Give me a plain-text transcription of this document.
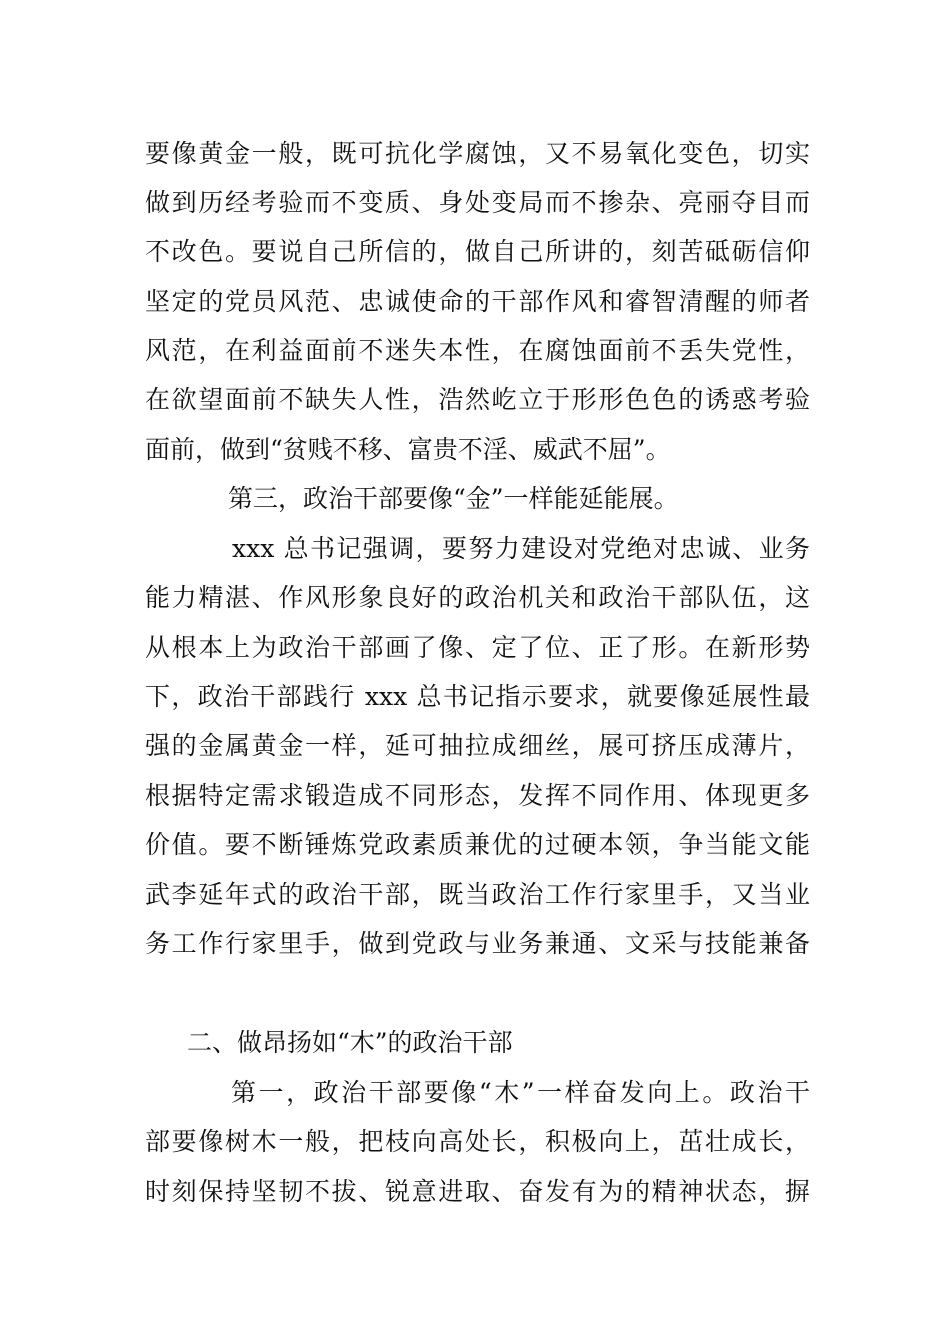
要像黄金一般，既可抗化学腐蚀，又不易氧化变色，切实
做到历经考验而不变质、身处变局而不掺杂、亮丽夺目而
不改色。要说自己所信的，做自己所讲的，刻苦砥砺信仰
坚定的党员风范、忠诚使命的干部作风和睿智清醒的师者
风范，在利益面前不迷失本性，在腐蚀面前不丢失党性，
在欲望面前不缺失人性，浩然屹立于形形色色的诱惑考验
面前，做到“贫贱不移、富贵不淫、威武不屈”。
第三，政治干部要像“金”一样能延能展。
xxx 总书记强调，要努力建设对党绝对忠诚、业务
能力精湛、作风形象良好的政治机关和政治干部队伍，这
从根本上为政治干部画了像、定了位、正了形。在新形势
下，政治干部践行 xxx 总书记指示要求，就要像延展性最
强的金属黄金一样，延可抽拉成细丝，展可挤压成薄片，
根据特定需求锻造成不同形态，发挥不同作用、体现更多
价值。要不断锤炼党政素质兼优的过硬本领，争当能文能
武李延年式的政治干部，既当政治工作行家里手，又当业
务工作行家里手，做到党政与业务兼通、文采与技能兼备
二、做昂扬如“木”的政治干部
第一，政治干部要像“木”一样奋发向上。政治干
部要像树木一般，把枝向高处长，积极向上，茁壮成长，
时刻保持坚韧不拔、锐意进取、奋发有为的精神状态，摒
